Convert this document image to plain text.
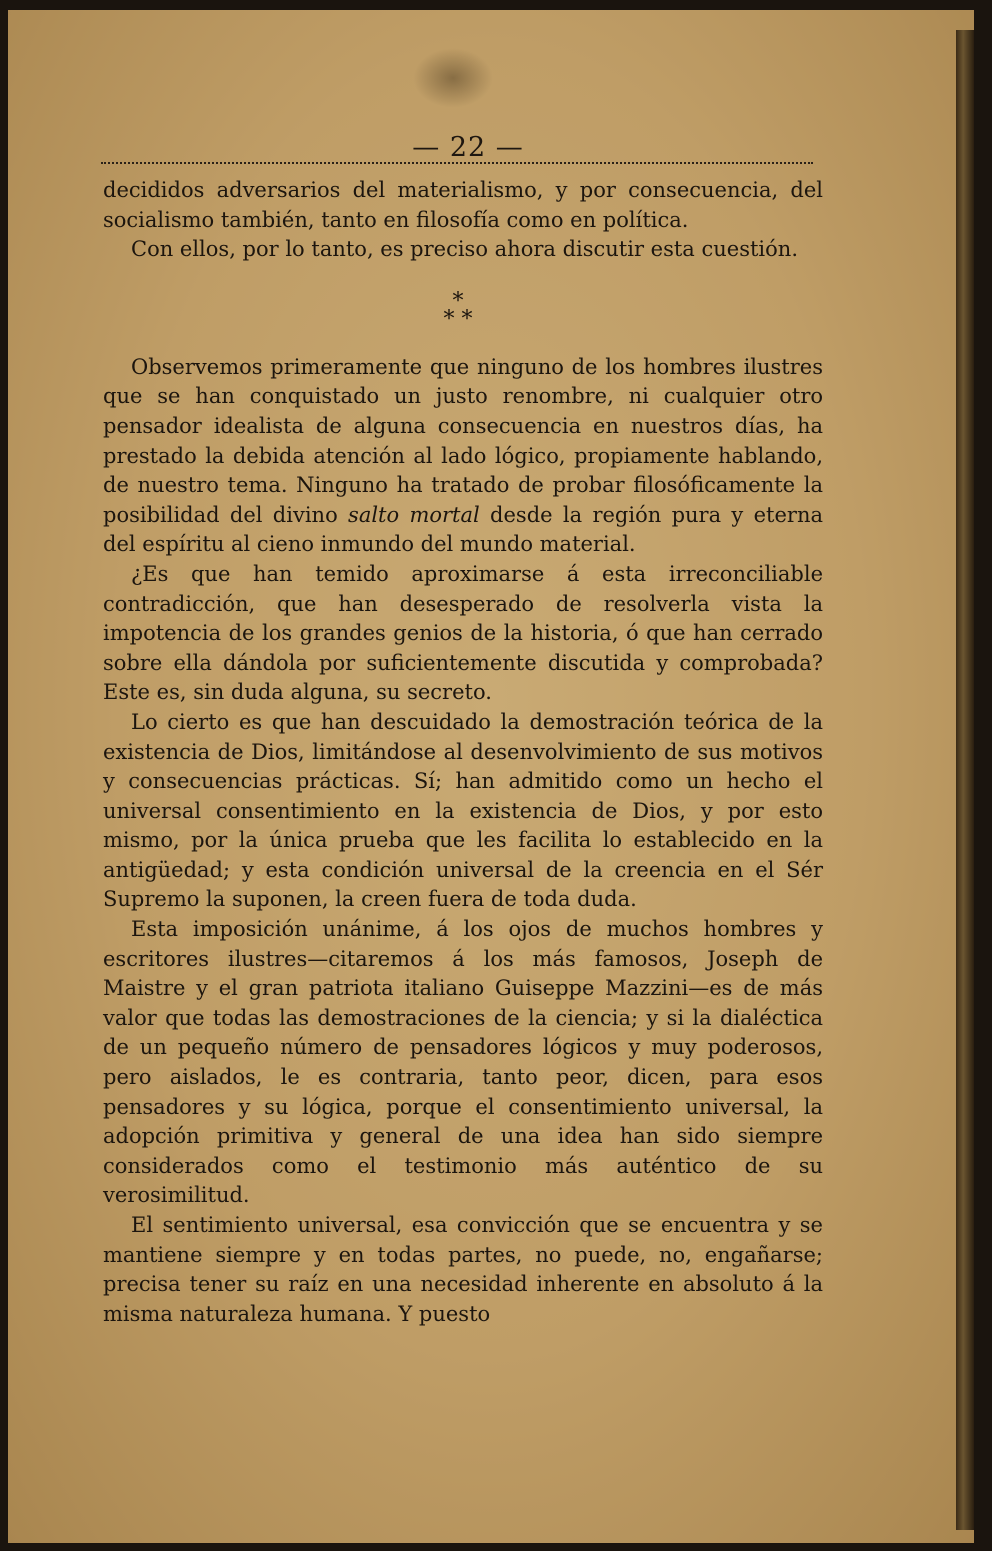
— 22 —

decididos adversarios del materialismo, y por consecuencia, del socialismo también, tanto en filosofía como en política.

Con ellos, por lo tanto, es preciso ahora discutir esta cuestión.

*
* *

Observemos primeramente que ninguno de los hombres ilustres que se han conquistado un justo renombre, ni cualquier otro pensador idealista de alguna consecuencia en nuestros días, ha prestado la debida atención al lado lógico, propiamente hablando, de nuestro tema. Ninguno ha tratado de probar filosóficamente la posibilidad del divino salto mortal desde la región pura y eterna del espíritu al cieno inmundo del mundo material.

¿Es que han temido aproximarse á esta irreconciliable contradicción, que han desesperado de resolverla vista la impotencia de los grandes genios de la historia, ó que han cerrado sobre ella dándola por suficientemente discutida y comprobada? Este es, sin duda alguna, su secreto.

Lo cierto es que han descuidado la demostración teórica de la existencia de Dios, limitándose al desenvolvimiento de sus motivos y consecuencias prácticas. Sí; han admitido como un hecho el universal consentimiento en la existencia de Dios, y por esto mismo, por la única prueba que les facilita lo establecido en la antigüedad; y esta condición universal de la creencia en el Sér Supremo la suponen, la creen fuera de toda duda.

Esta imposición unánime, á los ojos de muchos hombres y escritores ilustres—citaremos á los más famosos, Joseph de Maistre y el gran patriota italiano Guiseppe Mazzini—es de más valor que todas las demostraciones de la ciencia; y si la dialéctica de un pequeño número de pensadores lógicos y muy poderosos, pero aislados, le es contraria, tanto peor, dicen, para esos pensadores y su lógica, porque el consentimiento universal, la adopción primitiva y general de una idea han sido siempre considerados como el testimonio más auténtico de su verosimilitud.

El sentimiento universal, esa convicción que se encuentra y se mantiene siempre y en todas partes, no puede, no, engañarse; precisa tener su raíz en una necesidad inherente en absoluto á la misma naturaleza humana. Y puesto
